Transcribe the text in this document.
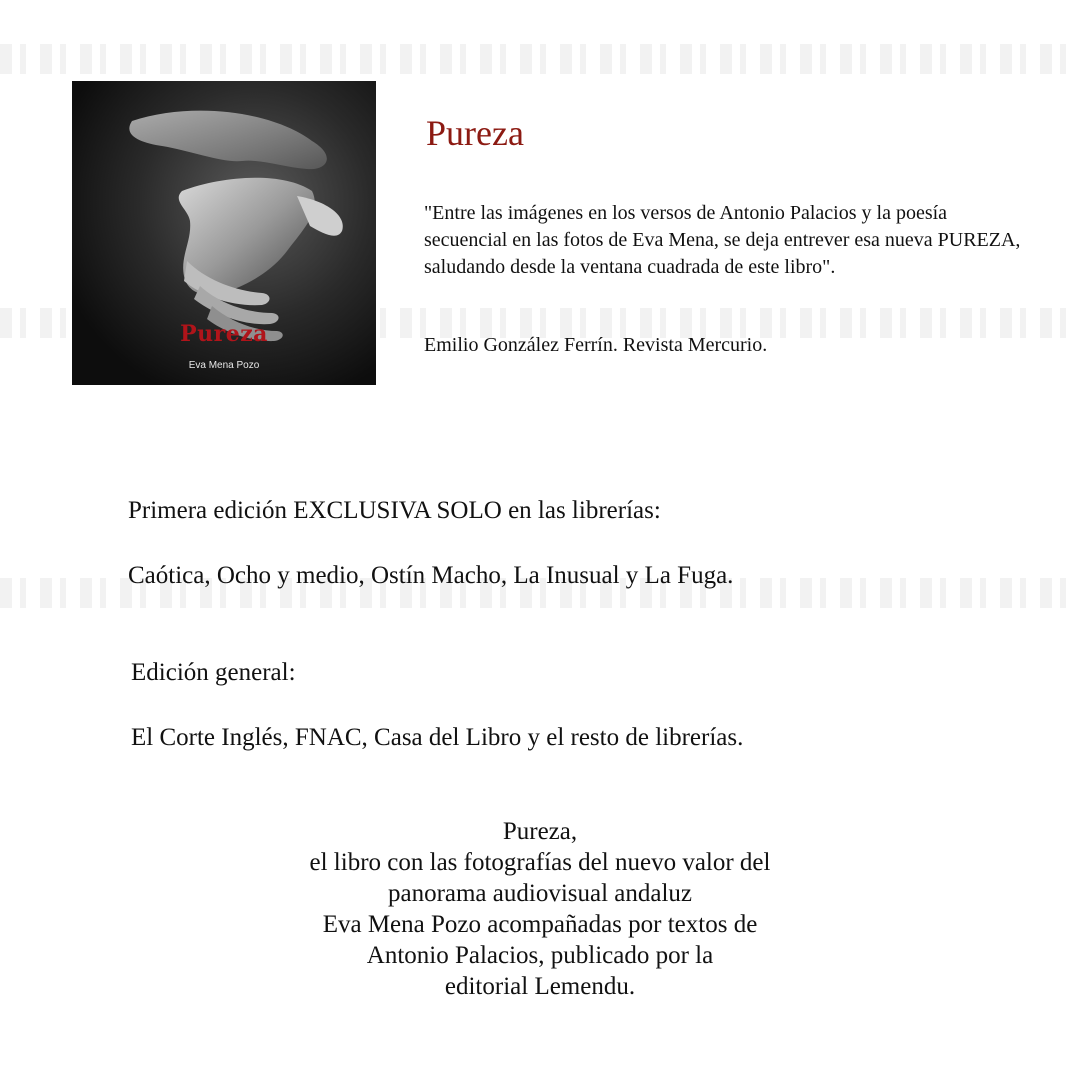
Pureza
Eva Mena Pozo
Pureza

"Entre las imágenes en los versos de Antonio Palacios y la poesía secuencial en las fotos de Eva Mena, se deja entrever esa nueva PUREZA, saludando desde la ventana cuadrada de este libro".

Emilio González Ferrín. Revista Mercurio.

Primera edición EXCLUSIVA SOLO en las librerías:

Caótica, Ocho y medio, Ostín Macho, La Inusual y La Fuga.

Edición general:

El Corte Inglés, FNAC, Casa del Libro y el resto de librerías.

Pureza,
el libro con las fotografías del nuevo valor del
panorama audiovisual andaluz
Eva Mena Pozo acompañadas por textos de
Antonio Palacios, publicado por la
editorial Lemendu.
